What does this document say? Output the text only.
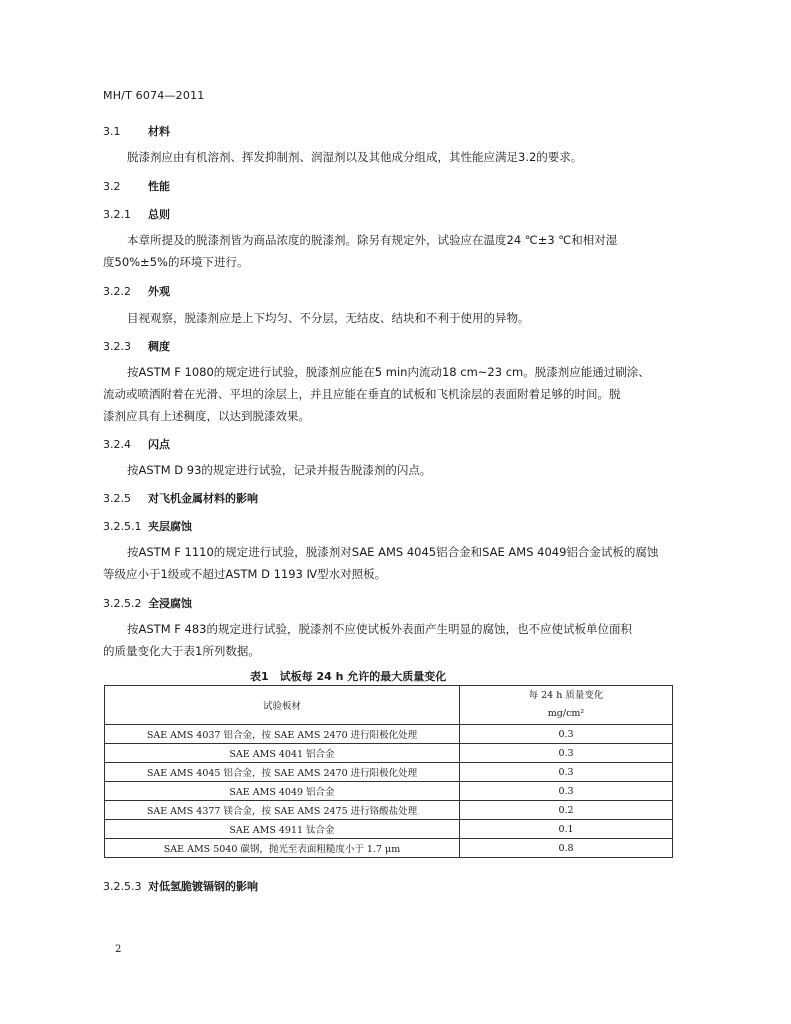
MH/T 6074—2011
3.1	材料
脱漆剂应由有机溶剂、挥发抑制剂、润湿剂以及其他成分组成，其性能应满足3.2的要求。
3.2	性能
3.2.1 总则
本章所提及的脱漆剂皆为商品浓度的脱漆剂。除另有规定外，试验应在温度24 ℃±3 ℃和相对湿
度50%±5%的环境下进行。
3.2.2 外观
目视观察，脱漆剂应是上下均匀、不分层，无结皮、结块和不利于使用的异物。
3.2.3 稠度
按ASTM F 1080的规定进行试验，脱漆剂应能在5 min内流动18 cm~23 cm。脱漆剂应能通过刷涂、
流动或喷洒附着在光滑、平坦的涂层上，并且应能在垂直的试板和飞机涂层的表面附着足够的时间。脱
漆剂应具有上述稠度，以达到脱漆效果。
3.2.4 闪点
按ASTM D 93的规定进行试验，记录并报告脱漆剂的闪点。
3.2.5 对飞机金属材料的影响
3.2.5.1 夹层腐蚀
按ASTM F 1110的规定进行试验，脱漆剂对SAE AMS 4045铝合金和SAE AMS 4049铝合金试板的腐蚀
等级应小于1级或不超过ASTM D 1193 Ⅳ型水对照板。
3.2.5.2 全浸腐蚀
按ASTM F 483的规定进行试验，脱漆剂不应使试板外表面产生明显的腐蚀，也不应使试板单位面积
的质量变化大于表1所列数据。
表1　试板每 24 h 允许的最大质量变化
试验板材	每 24 h 质量变化
mg/cm²

SAE AMS 4037 铝合金，按 SAE AMS 2470 进行阳极化处理	0.3
SAE AMS 4041 铝合金	0.3
SAE AMS 4045 铝合金，按 SAE AMS 2470 进行阳极化处理	0.3
SAE AMS 4049 铝合金	0.3
SAE AMS 4377 镁合金，按 SAE AMS 2475 进行铬酸盐处理	0.2
SAE AMS 4911 钛合金	0.1
SAE AMS 5040 碳钢，抛光至表面粗糙度小于 1.7 μm	0.8
3.2.5.3 对低氢脆镀镉钢的影响
2
